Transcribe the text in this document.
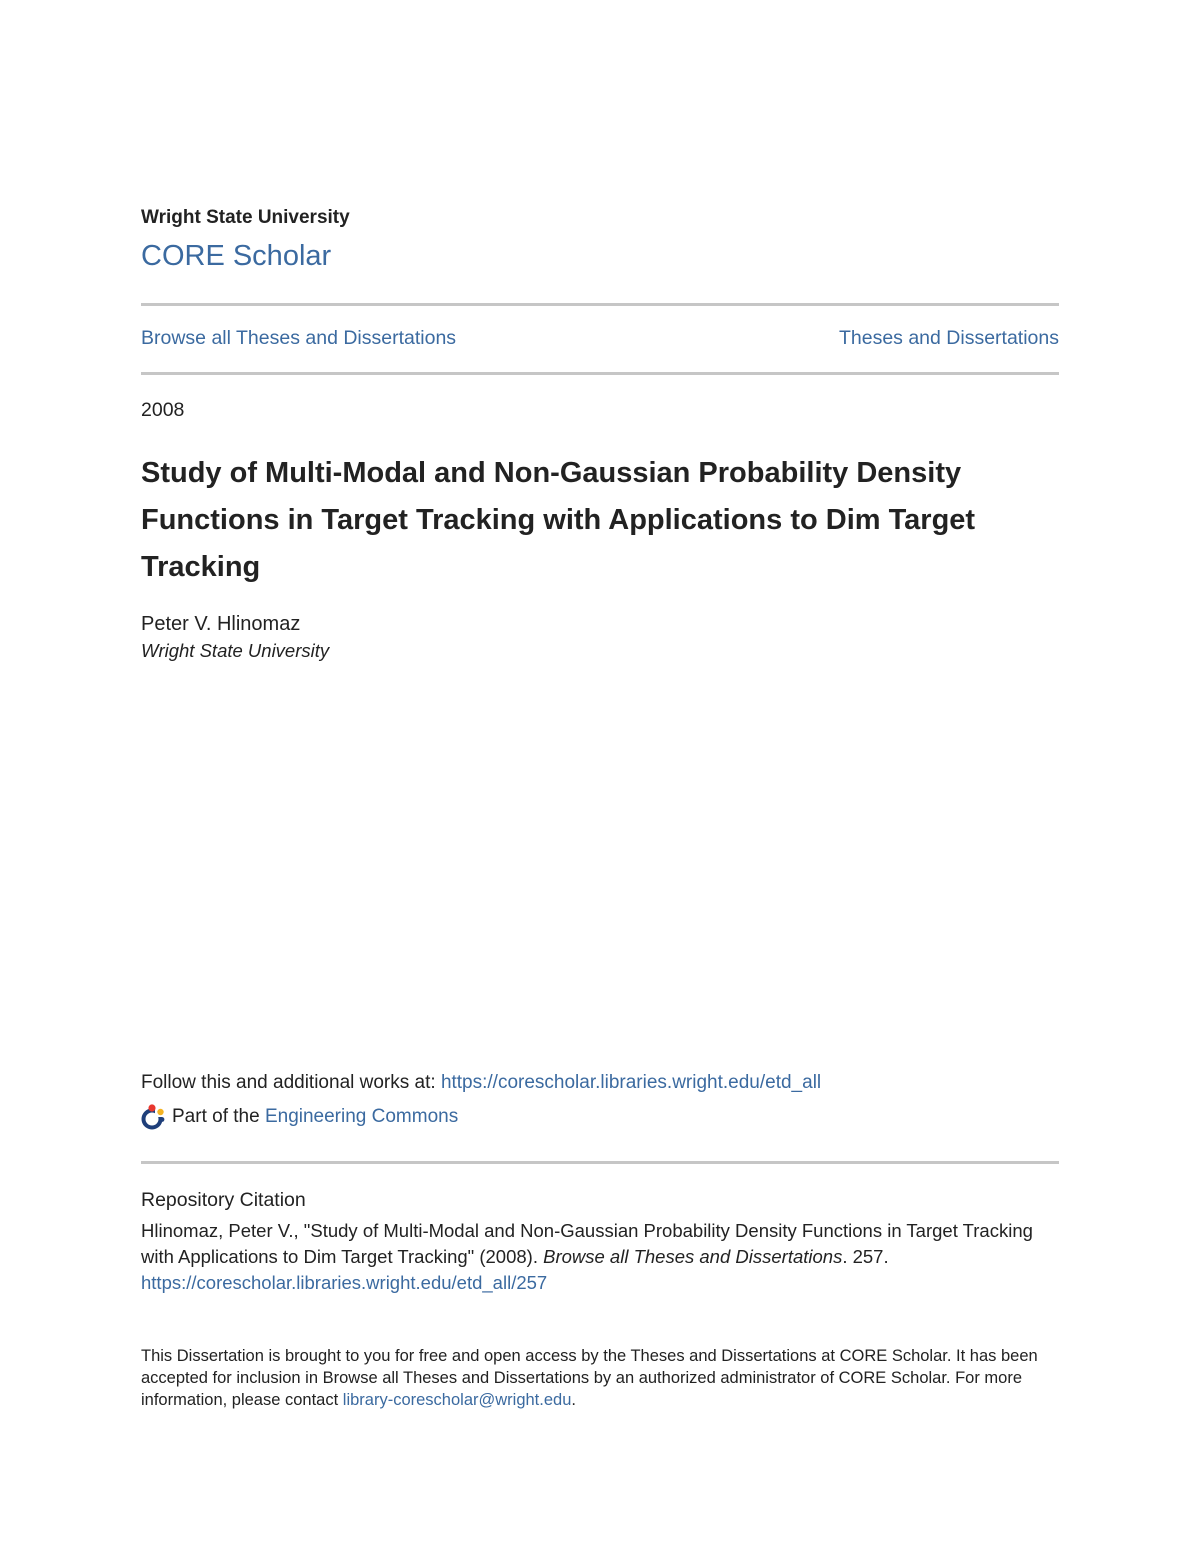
Wright State University
CORE Scholar
Browse all Theses and Dissertations	Theses and Dissertations
2008
Study of Multi-Modal and Non-Gaussian Probability Density Functions in Target Tracking with Applications to Dim Target Tracking
Peter V. Hlinomaz
Wright State University
Follow this and additional works at: https://corescholar.libraries.wright.edu/etd_all
Part of the
Engineering Commons
Repository Citation
Hlinomaz, Peter V., "Study of Multi-Modal and Non-Gaussian Probability Density Functions in Target Tracking with Applications to Dim Target Tracking" (2008). Browse all Theses and Dissertations. 257.
https://corescholar.libraries.wright.edu/etd_all/257
This Dissertation is brought to you for free and open access by the Theses and Dissertations at CORE Scholar. It has been accepted for inclusion in Browse all Theses and Dissertations by an authorized administrator of CORE Scholar. For more information, please contact library-corescholar@wright.edu.
